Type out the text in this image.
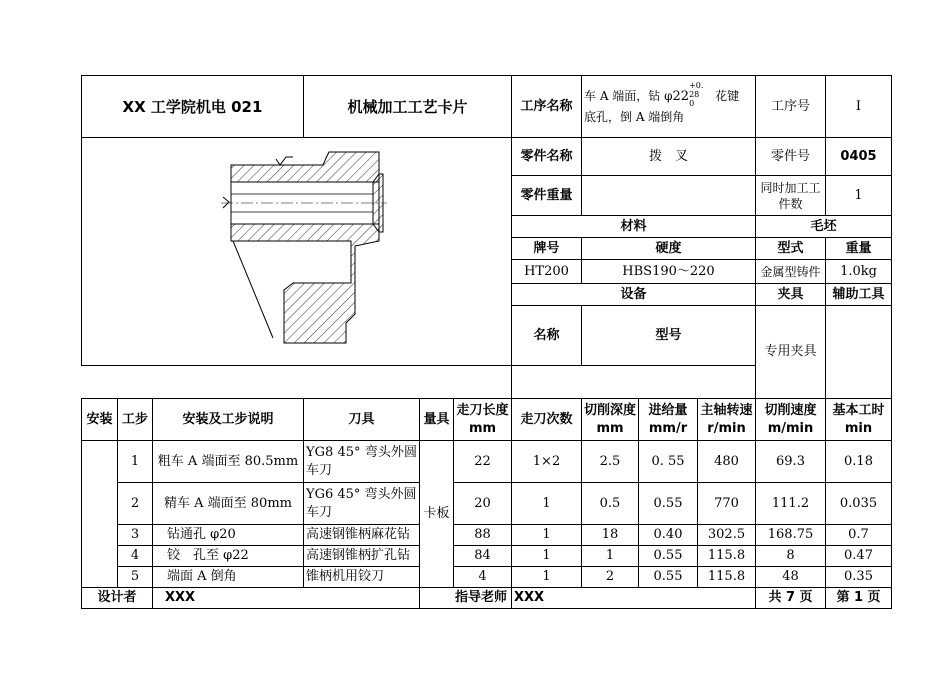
XX 工学院机电 021			机械加工工艺卡片			工序名称	车 A 端面，钻 φ22
+0. 28
0
花键
底孔，倒 A 端倒角			工序号	I
	零件名称	拨　叉			零件号	0405
						零件重量				同时加工工件数	1
						材料				毛坯	
						牌号	硬度			型式	重量
						HT200	HBS190～220			金属型铸件	1.0kg
						设备				夹具	辅助工具
						名称	型号			专用夹具	

安装	工步	安装及工步说明	刀具	量具	走刀长度 mm	走刀次数	切削深度 mm	进给量 mm/r	主轴转速 r/min	切削速度 m/min	基本工时 min
	1	粗车 A 端面至 80.5mm	YG8 45° 弯头外圆车刀	卡板	22	1×2	2.5	0. 55	480	69.3	0.18
	2	精车 A 端面至 80mm	YG6 45° 弯头外圆车刀		20	1	0.5	0.55	770	111.2	0.035
	3	钻通孔 φ20	高速钢锥柄麻花钻		88	1	18	0.40	302.5	168.75	0.7
	4	铰　孔至 φ22	高速钢锥柄扩孔钻		84	1	1	0.55	115.8	8	0.47
	5	端面 A 倒角	锥柄机用铰刀		4	1	2	0.55	115.8	48	0.35
设计者		XXX		指导老师		XXX				共 7 页	第 1 页
